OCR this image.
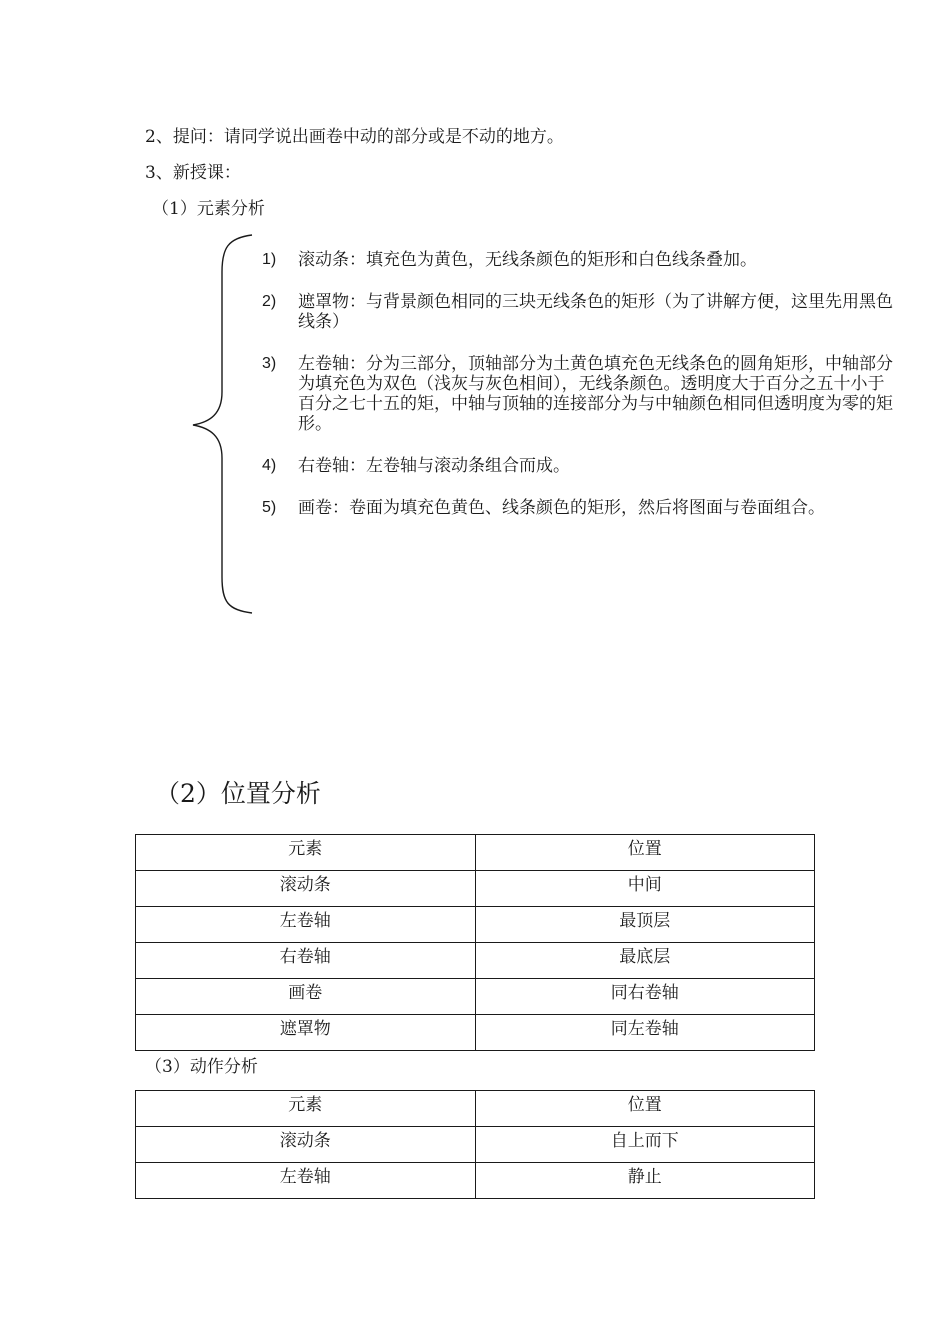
2、提问：请同学说出画卷中动的部分或是不动的地方。
3、新授课：
（1）元素分析
1) 滚动条：填充色为黄色，无线条颜色的矩形和白色线条叠加。
2) 遮罩物：与背景颜色相同的三块无线条色的矩形（为了讲解方便，这里先用黑色线条）
3) 左卷轴：分为三部分，顶轴部分为土黄色填充色无线条色的圆角矩形，中轴部分为填充色为双色（浅灰与灰色相间），无线条颜色。透明度大于百分之五十小于百分之七十五的矩，中轴与顶轴的连接部分为与中轴颜色相同但透明度为零的矩形。
4) 右卷轴：左卷轴与滚动条组合而成。
5) 画卷：卷面为填充色黄色、线条颜色的矩形，然后将图面与卷面组合。
（2）位置分析
元素	位置

滚动条	中间

左卷轴	最顶层

右卷轴	最底层

画卷	同右卷轴

遮罩物	同左卷轴
（3）动作分析
元素	位置

滚动条	自上而下

左卷轴	静止
